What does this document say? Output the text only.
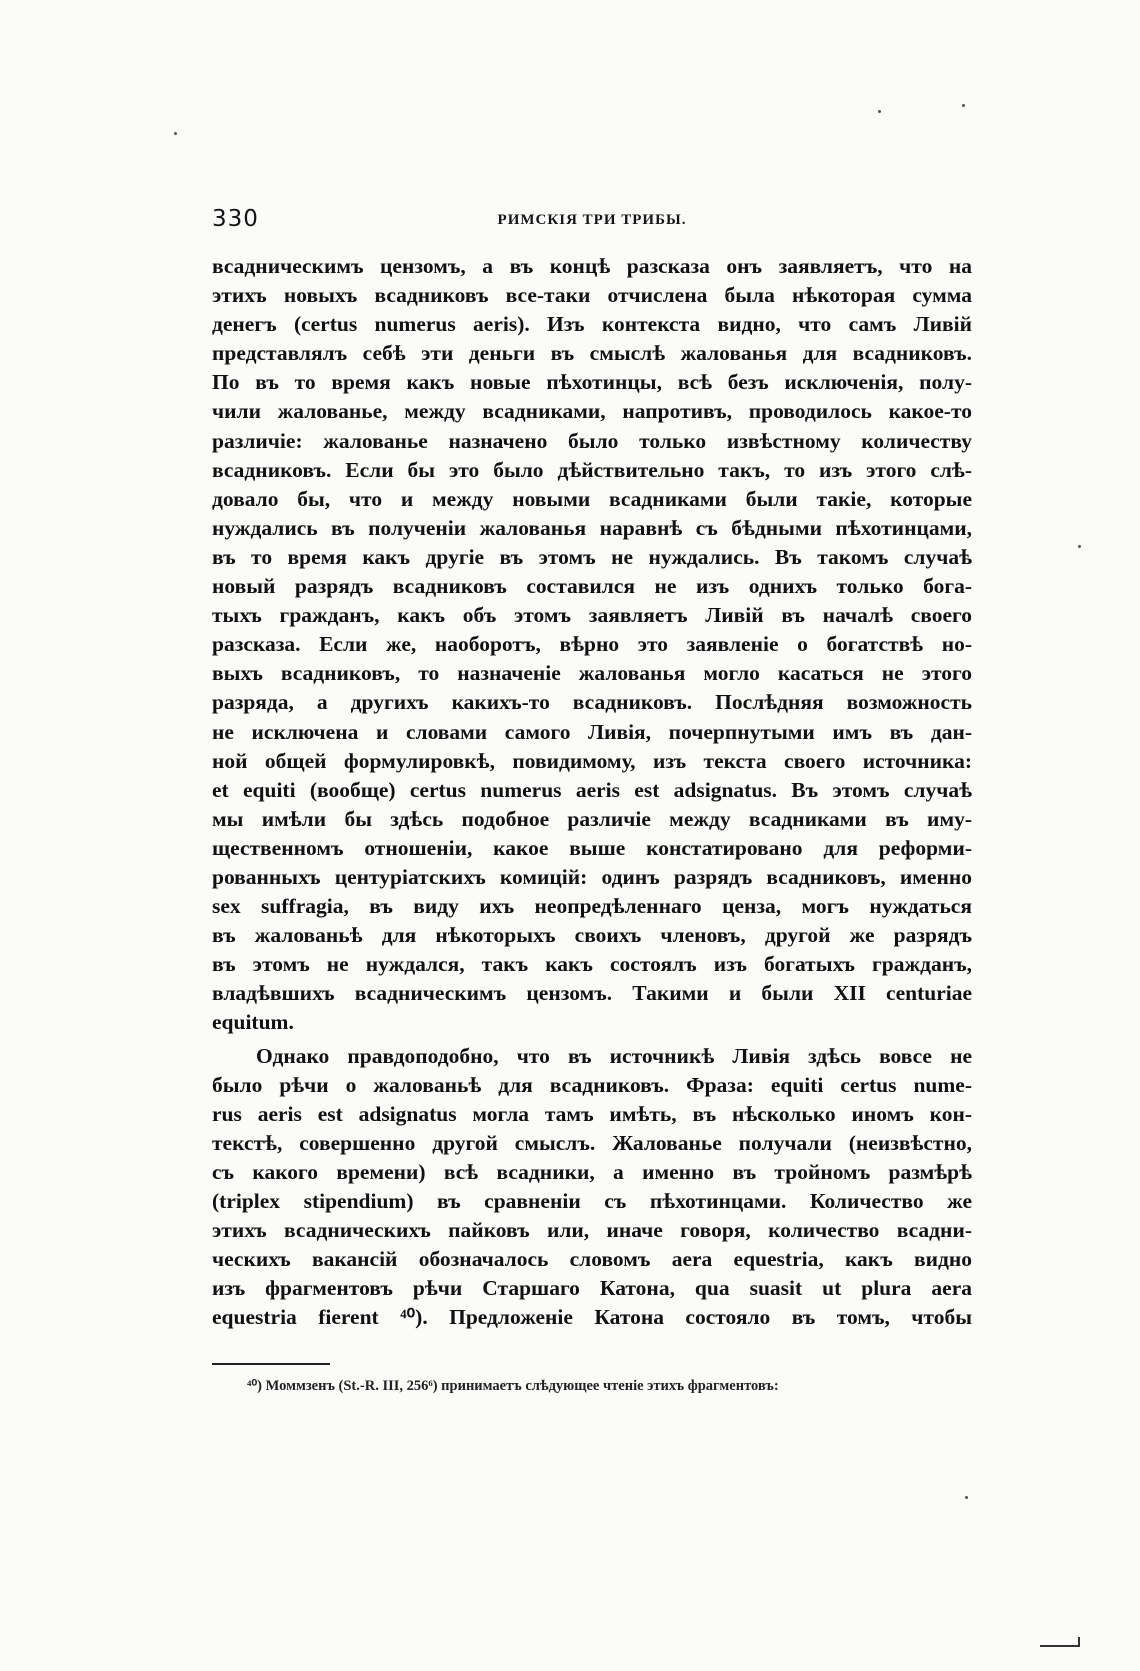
330	РИМСКІЯ ТРИ ТРИБЫ.
всадническимъ цензомъ, а въ концѣ разсказа онъ заявляетъ, что на
этихъ новыхъ всадниковъ все-таки отчислена была нѣкоторая сумма
денегъ (certus numerus aeris). Изъ контекста видно, что самъ Ливій
представлялъ себѣ эти деньги въ смыслѣ жалованья для всадниковъ.
По въ то время какъ новые пѣхотинцы, всѣ безъ исключенія, полу-
чили жалованье, между всадниками, напротивъ, проводилось какое-то
различіе: жалованье назначено было только извѣстному количеству
всадниковъ. Если бы это было дѣйствительно такъ, то изъ этого слѣ-
довало бы, что и между новыми всадниками были такіе, которые
нуждались въ полученіи жалованья наравнѣ съ бѣдными пѣхотинцами,
въ то время какъ другіе въ этомъ не нуждались. Въ такомъ случаѣ
новый разрядъ всадниковъ составился не изъ однихъ только бога-
тыхъ гражданъ, какъ объ этомъ заявляетъ Ливій въ началѣ своего
разсказа. Если же, наоборотъ, вѣрно это заявленіе о богатствѣ но-
выхъ всадниковъ, то назначеніе жалованья могло касаться не этого
разряда, а другихъ какихъ-то всадниковъ. Послѣдняя возможность
не исключена и словами самого Ливія, почерпнутыми имъ въ дан-
ной общей формулировкѣ, повидимому, изъ текста своего источника:
et equiti (вообще) certus numerus aeris est adsignatus. Въ этомъ случаѣ
мы имѣли бы здѣсь подобное различіе между всадниками въ иму-
щественномъ отношеніи, какое выше констатировано для реформи-
рованныхъ центуріатскихъ комицій: одинъ разрядъ всадниковъ, именно
sex suffragia, въ виду ихъ неопредѣленнаго ценза, могъ нуждаться
въ жалованьѣ для нѣкоторыхъ своихъ членовъ, другой же разрядъ
въ этомъ не нуждался, такъ какъ состоялъ изъ богатыхъ гражданъ,
владѣвшихъ всадническимъ цензомъ. Такими и были XII centuriae
equitum.
Однако правдоподобно, что въ источникѣ Ливія здѣсь вовсе не
было рѣчи о жалованьѣ для всадниковъ. Фраза: equiti certus nume-
rus aeris est adsignatus могла тамъ имѣть, въ нѣсколько иномъ кон-
текстѣ, совершенно другой смыслъ. Жалованье получали (неизвѣстно,
съ какого времени) всѣ всадники, а именно въ тройномъ размѣрѣ
(triplex stipendium) въ сравненіи съ пѣхотинцами. Количество же
этихъ всадническихъ пайковъ или, иначе говоря, количество всадни-
ческихъ вакансій обозначалось словомъ aera equestria, какъ видно
изъ фрагментовъ рѣчи Старшаго Катона, qua suasit ut plura aera
equestria fierent ⁴⁰). Предложеніе Катона состояло въ томъ, чтобы
⁴⁰) Моммзенъ (St.-R. III, 256⁶) принимаетъ слѣдующее чтеніе этихъ фрагментовъ:
